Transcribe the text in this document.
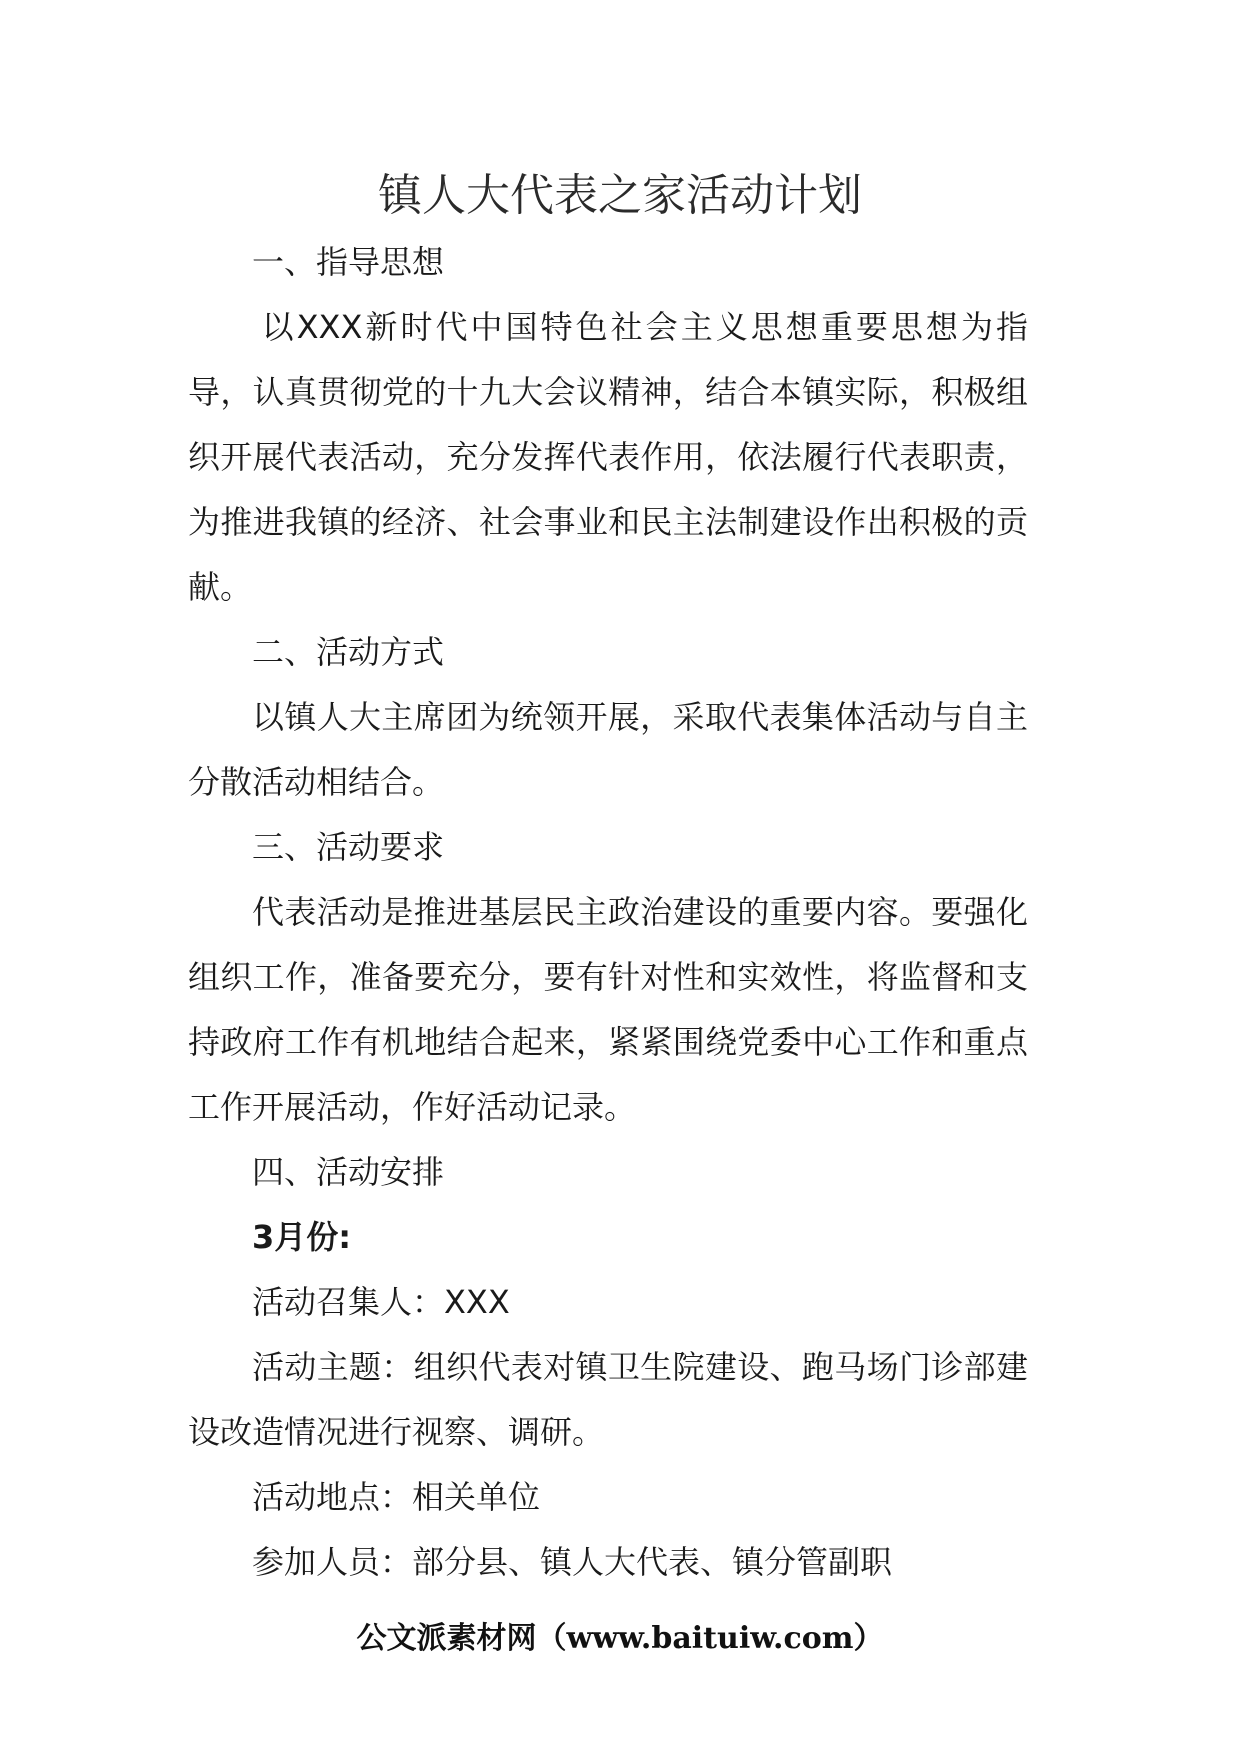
镇人大代表之家活动计划

一、指导思想

以XXX新时代中国特色社会主义思想重要思想为指导，认真贯彻党的十九大会议精神，结合本镇实际，积极组织开展代表活动，充分发挥代表作用，依法履行代表职责，为推进我镇的经济、社会事业和民主法制建设作出积极的贡献。

二、活动方式

以镇人大主席团为统领开展，采取代表集体活动与自主分散活动相结合。

三、活动要求

代表活动是推进基层民主政治建设的重要内容。要强化组织工作，准备要充分，要有针对性和实效性，将监督和支持政府工作有机地结合起来，紧紧围绕党委中心工作和重点工作开展活动，作好活动记录。

四、活动安排

3月份:

活动召集人：XXX

活动主题：组织代表对镇卫生院建设、跑马场门诊部建设改造情况进行视察、调研。

活动地点：相关单位

参加人员：部分县、镇人大代表、镇分管副职

公文派素材网（www.baituiw.com）
